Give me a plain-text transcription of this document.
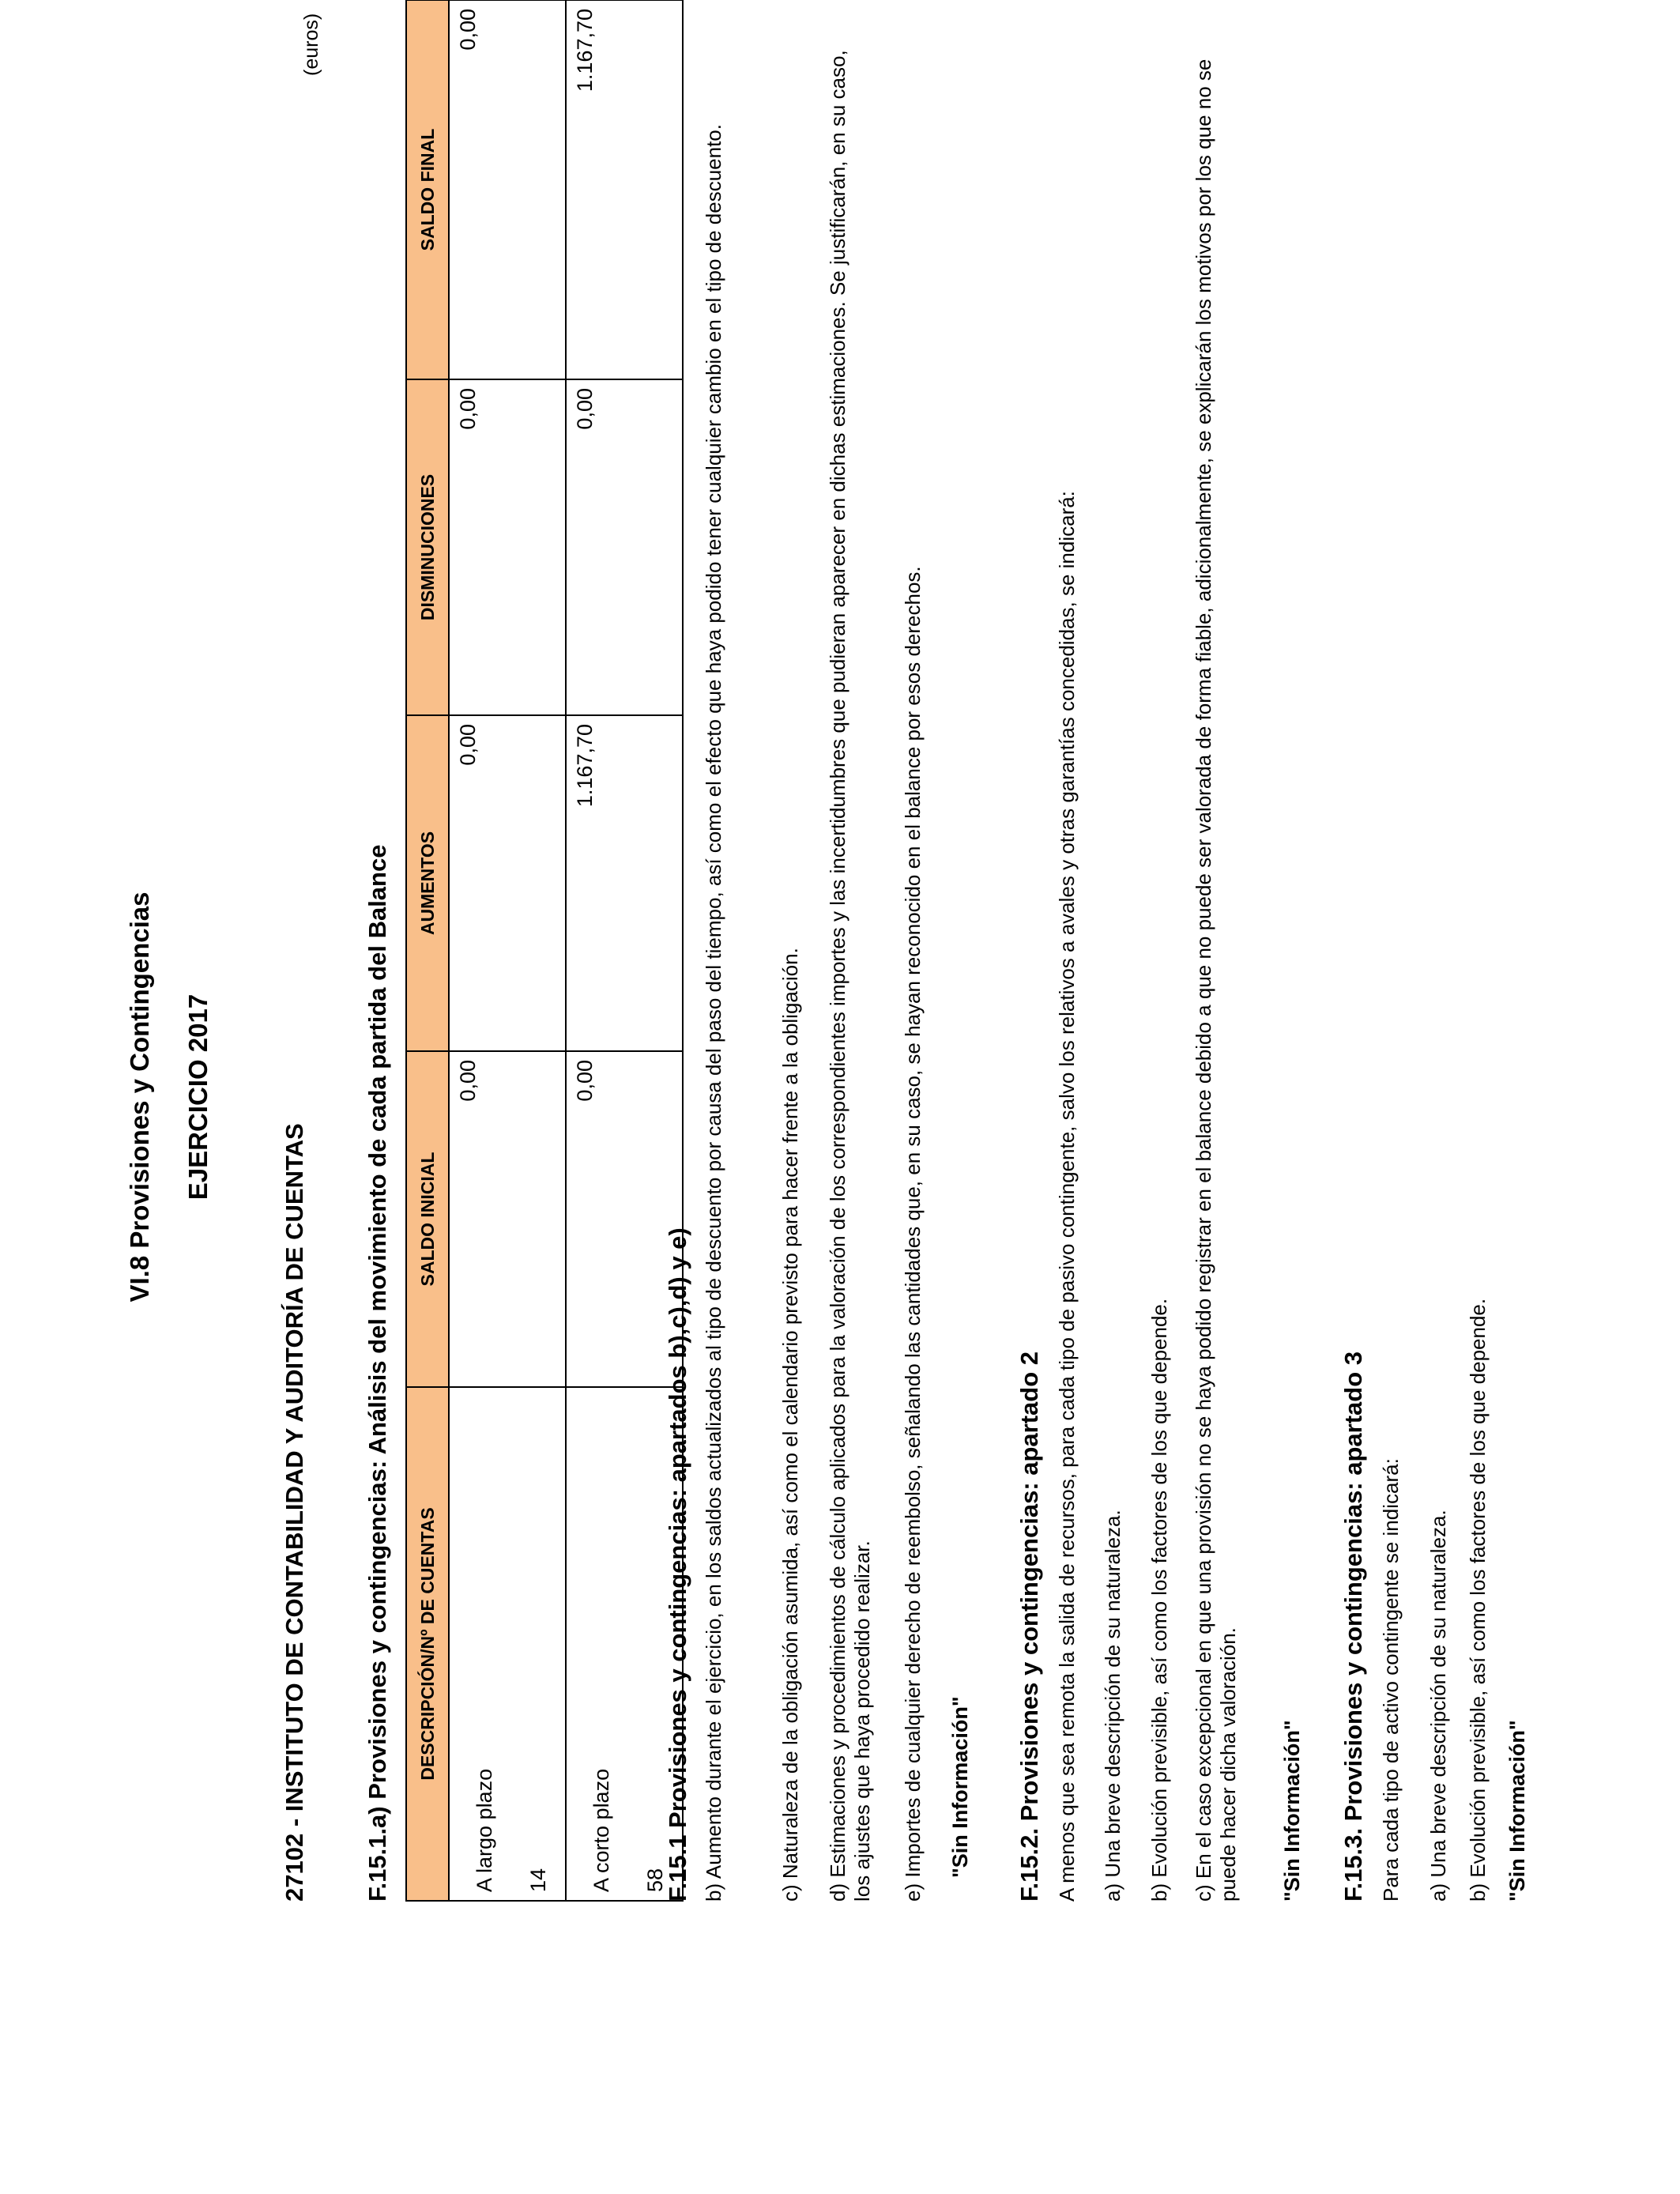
VI.8 Provisiones y Contingencias EJERCICIO 2017
(euros)
27102 - INSTITUTO DE CONTABILIDAD Y AUDITORÍA DE CUENTAS F.15.1.a) Provisiones y contingencias: Análisis del movimiento de cada partida del Balance DESCRIPCIÓN/Nº DE CUENTAS	SALDO INICIAL	AUMENTOS	DISMINUCIONES	SALDO FINAL

A largo plazo 14	0,00	0,00	0,00	0,00

A corto plazo 58	0,00	1.167,70	0,00	1.167,70
F.15.1 Provisiones y contingencias: apartados b),c),d) y e) b) Aumento durante el ejercicio, en los saldos actualizados al tipo de descuento por causa del paso del tiempo, así como el efecto que haya podido tener cualquier cambio en el tipo de descuento.	c) Naturaleza de la obligación asumida, así como el calendario previsto para hacer frente a la obligación. d) Estimaciones y procedimientos de cálculo aplicados para la valoración de los correspondientes importes y las incertidumbres que pudieran aparecer en dichas estimaciones. Se justificarán, en su caso, los ajustes que haya procedido realizar. e) Importes de cualquier derecho de reembolso, señalando las cantidades que, en su caso, se hayan reconocido en el balance por esos derechos. "Sin Información" F.15.2. Provisiones y contingencias: apartado 2 A menos que sea remota la salida de recursos, para cada tipo de pasivo contingente, salvo los relativos a avales y otras garantías concedidas, se indicará: a) Una breve descripción de su naturaleza. b) Evolución previsible, así como los factores de los que depende. c) En el caso excepcional en que una provisión no se haya podido registrar en el balance debido a que no puede ser valorada de forma fiable, adicionalmente, se explicarán los motivos por los que no se puede hacer dicha valoración. "Sin Información" F.15.3. Provisiones y contingencias: apartado 3 Para cada tipo de activo contingente se indicará: a) Una breve descripción de su naturaleza. b) Evolución previsible, así como los factores de los que depende. "Sin Información"
